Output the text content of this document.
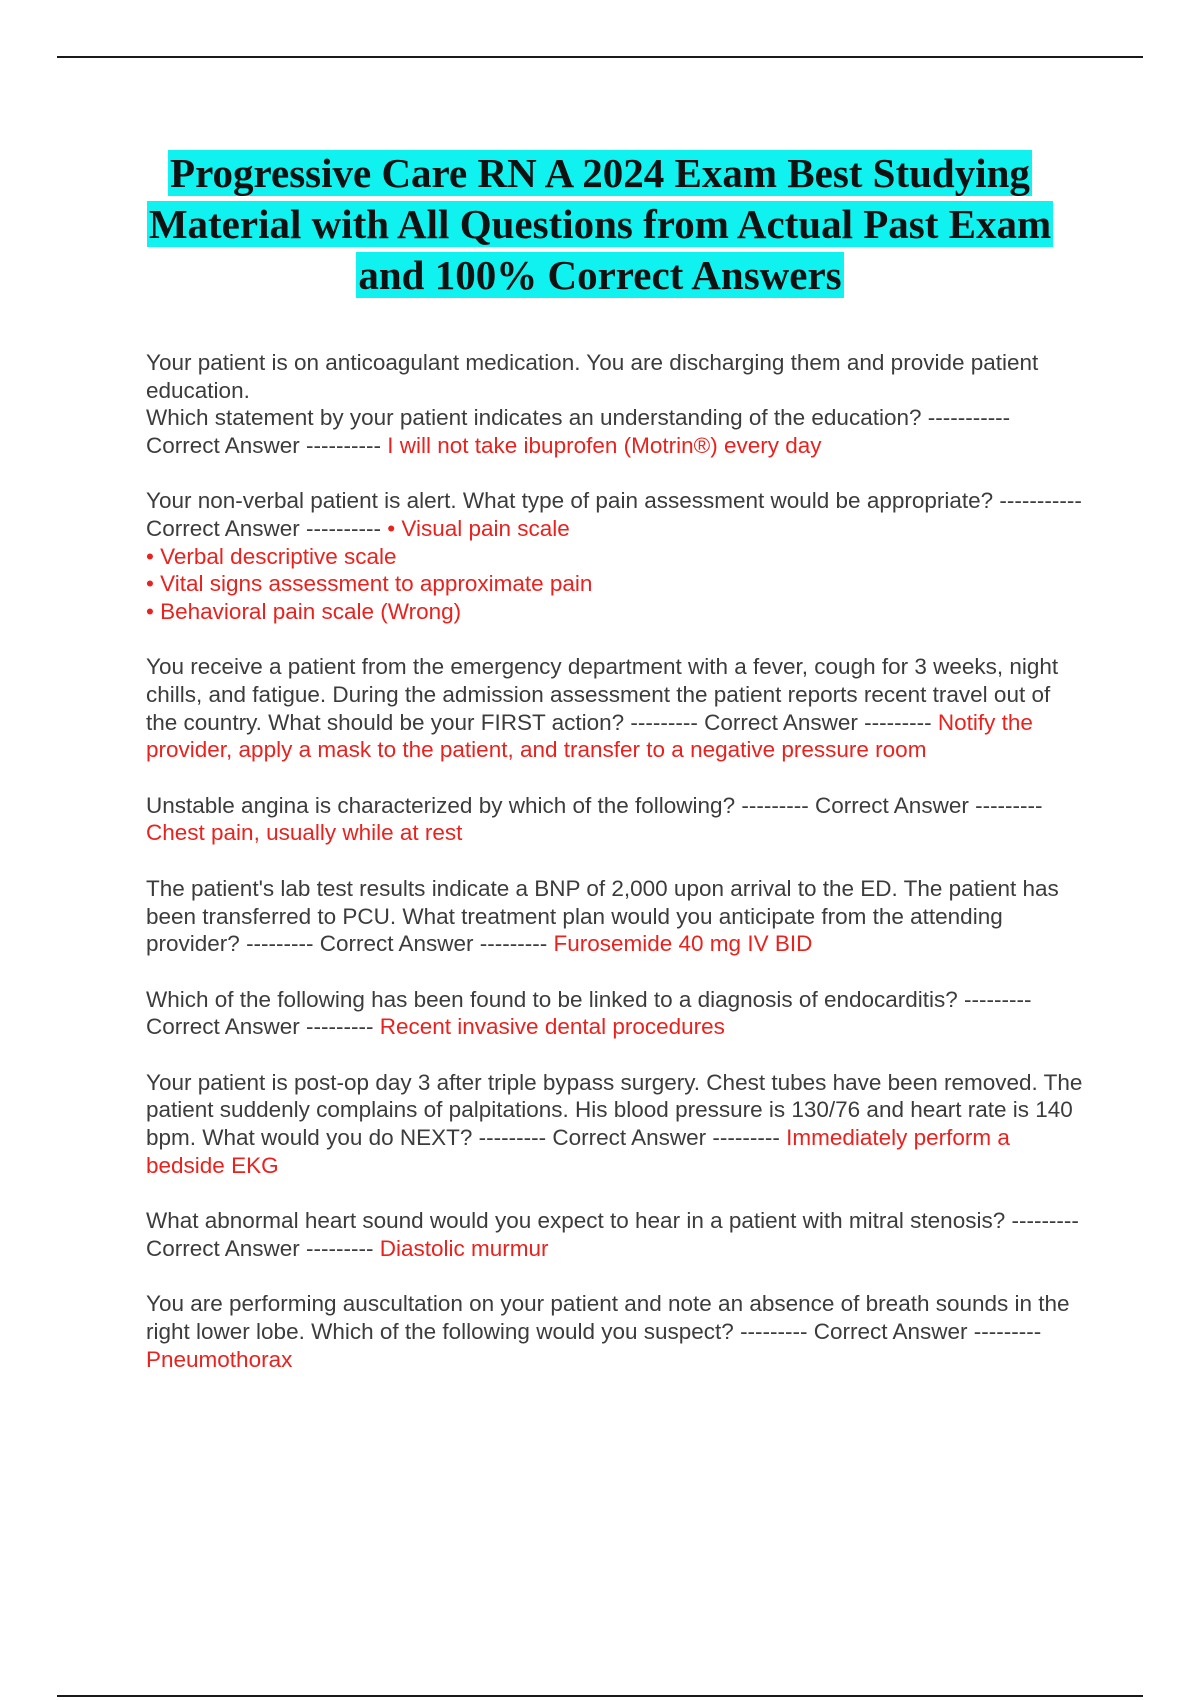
Progressive Care RN A 2024 Exam Best Studying Material with All Questions from Actual Past Exam and 100% Correct Answers

Your patient is on anticoagulant medication. You are discharging them and provide patient education.
Which statement by your patient indicates an understanding of the education? ----------- Correct Answer ---------- I will not take ibuprofen (Motrin®) every day

Your non-verbal patient is alert. What type of pain assessment would be appropriate? ----------- Correct Answer ---------- • Visual pain scale
• Verbal descriptive scale
• Vital signs assessment to approximate pain
• Behavioral pain scale (Wrong)

You receive a patient from the emergency department with a fever, cough for 3 weeks, night chills, and fatigue. During the admission assessment the patient reports recent travel out of the country. What should be your FIRST action? --------- Correct Answer --------- Notify the provider, apply a mask to the patient, and transfer to a negative pressure room

Unstable angina is characterized by which of the following? --------- Correct Answer --------- Chest pain, usually while at rest

The patient's lab test results indicate a BNP of 2,000 upon arrival to the ED. The patient has been transferred to PCU. What treatment plan would you anticipate from the attending provider? --------- Correct Answer --------- Furosemide 40 mg IV BID

Which of the following has been found to be linked to a diagnosis of endocarditis? --------- Correct Answer --------- Recent invasive dental procedures

Your patient is post-op day 3 after triple bypass surgery. Chest tubes have been removed. The patient suddenly complains of palpitations. His blood pressure is 130/76 and heart rate is 140 bpm. What would you do NEXT? --------- Correct Answer --------- Immediately perform a bedside EKG

What abnormal heart sound would you expect to hear in a patient with mitral stenosis? --------- Correct Answer --------- Diastolic murmur

You are performing auscultation on your patient and note an absence of breath sounds in the right lower lobe. Which of the following would you suspect? --------- Correct Answer --------- Pneumothorax
